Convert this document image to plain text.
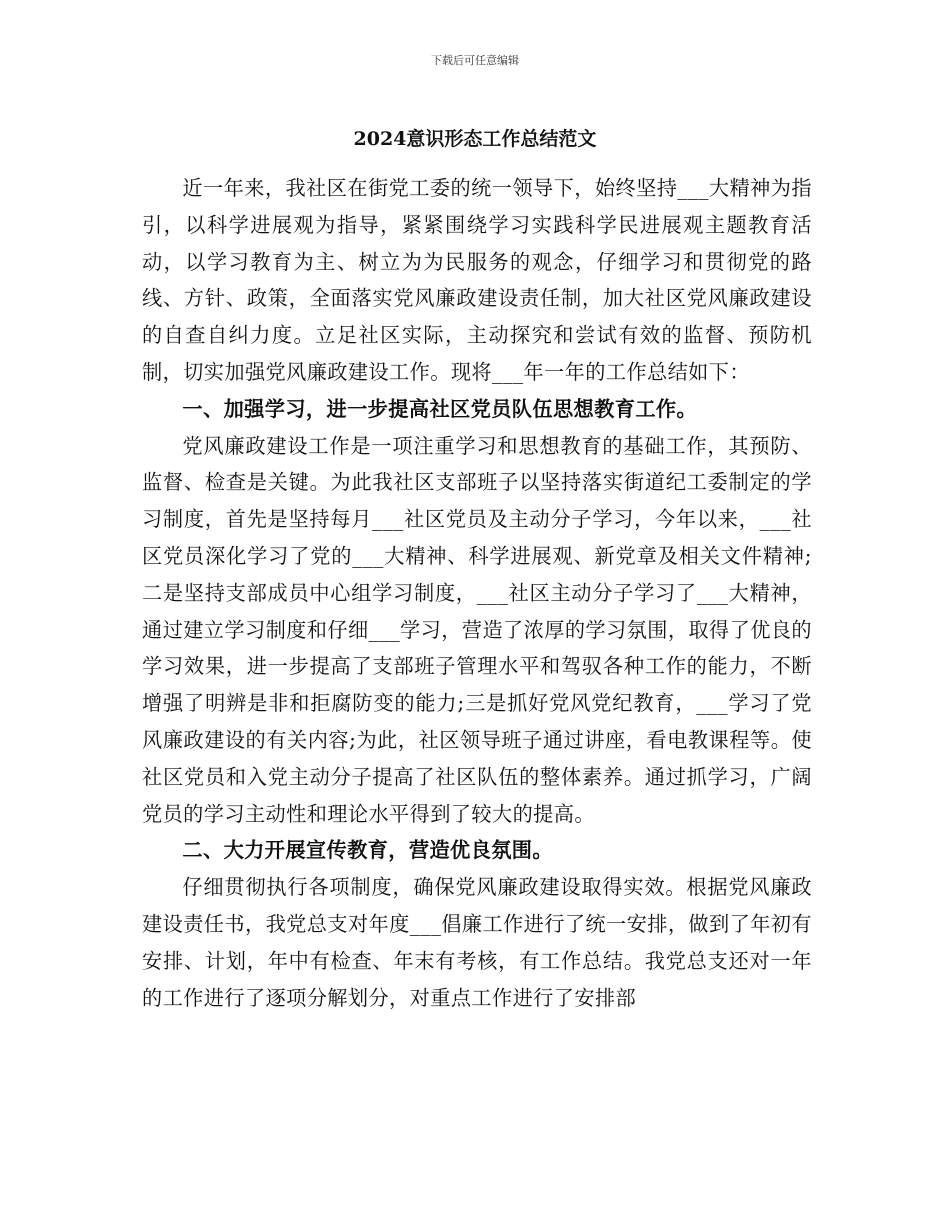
下载后可任意编辑
2024意识形态工作总结范文

近一年来，我社区在街党工委的统一领导下，始终坚持___大精神为指引，以科学进展观为指导，紧紧围绕学习实践科学民进展观主题教育活动，以学习教育为主、树立为为民服务的观念，仔细学习和贯彻党的路线、方针、政策，全面落实党风廉政建设责任制，加大社区党风廉政建设的自查自纠力度。立足社区实际，主动探究和尝试有效的监督、预防机制，切实加强党风廉政建设工作。现将___年一年的工作总结如下：

一、加强学习，进一步提高社区党员队伍思想教育工作。

党风廉政建设工作是一项注重学习和思想教育的基础工作，其预防、监督、检查是关键。为此我社区支部班子以坚持落实街道纪工委制定的学习制度，首先是坚持每月___社区党员及主动分子学习，今年以来，___社区党员深化学习了党的___大精神、科学进展观、新党章及相关文件精神;二是坚持支部成员中心组学习制度，___社区主动分子学习了___大精神，通过建立学习制度和仔细___学习，营造了浓厚的学习氛围，取得了优良的学习效果，进一步提高了支部班子管理水平和驾驭各种工作的能力，不断增强了明辨是非和拒腐防变的能力;三是抓好党风党纪教育，___学习了党风廉政建设的有关内容;为此，社区领导班子通过讲座，看电教课程等。使社区党员和入党主动分子提高了社区队伍的整体素养。通过抓学习，广阔党员的学习主动性和理论水平得到了较大的提高。

二、大力开展宣传教育，营造优良氛围。

仔细贯彻执行各项制度，确保党风廉政建设取得实效。根据党风廉政建设责任书，我党总支对年度___倡廉工作进行了统一安排，做到了年初有安排、计划，年中有检查、年末有考核，有工作总结。我党总支还对一年的工作进行了逐项分解划分，对重点工作进行了安排部
